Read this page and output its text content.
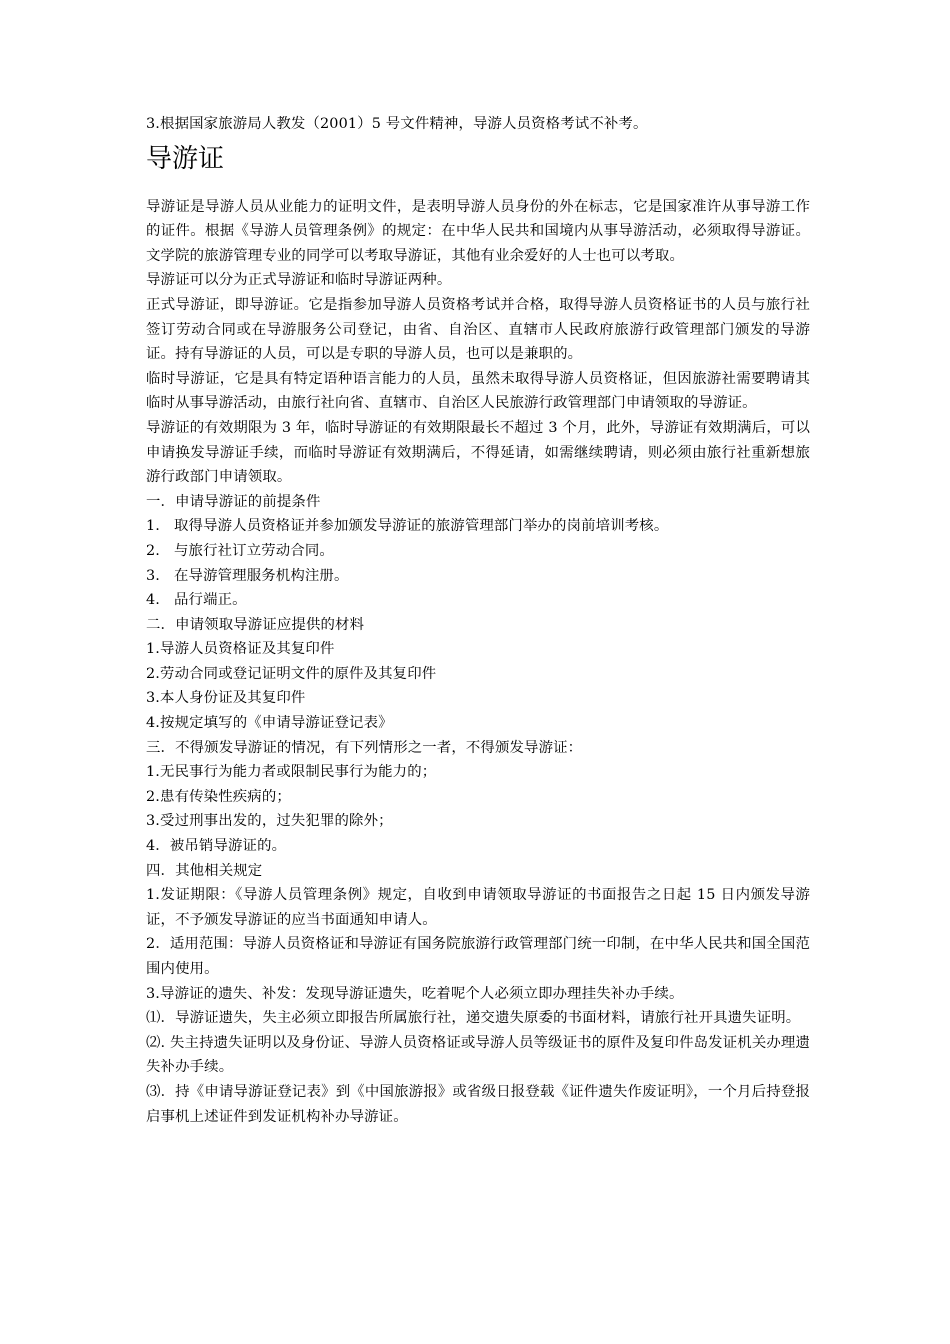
3.根据国家旅游局人教发（2001）5 号文件精神，导游人员资格考试不补考。

导游证

导游证是导游人员从业能力的证明文件，是表明导游人员身份的外在标志，它是国家准许从事导游工作的证件。根据《导游人员管理条例》的规定：在中华人民共和国境内从事导游活动，必须取得导游证。文学院的旅游管理专业的同学可以考取导游证，其他有业余爱好的人士也可以考取。

导游证可以分为正式导游证和临时导游证两种。

正式导游证，即导游证。它是指参加导游人员资格考试并合格，取得导游人员资格证书的人员与旅行社签订劳动合同或在导游服务公司登记，由省、自治区、直辖市人民政府旅游行政管理部门颁发的导游证。持有导游证的人员，可以是专职的导游人员，也可以是兼职的。

临时导游证，它是具有特定语种语言能力的人员，虽然未取得导游人员资格证，但因旅游社需要聘请其临时从事导游活动，由旅行社向省、直辖市、自治区人民旅游行政管理部门申请领取的导游证。

导游证的有效期限为 3 年，临时导游证的有效期限最长不超过 3 个月，此外，导游证有效期满后，可以申请换发导游证手续，而临时导游证有效期满后，不得延请，如需继续聘请，则必须由旅行社重新想旅游行政部门申请领取。

一．申请导游证的前提条件

1. 取得导游人员资格证并参加颁发导游证的旅游管理部门举办的岗前培训考核。
2. 与旅行社订立劳动合同。
3. 在导游管理服务机构注册。
4. 品行端正。

二．申请领取导游证应提供的材料

1.导游人员资格证及其复印件

2.劳动合同或登记证明文件的原件及其复印件

3.本人身份证及其复印件

4.按规定填写的《申请导游证登记表》

三．不得颁发导游证的情况，有下列情形之一者，不得颁发导游证：

1.无民事行为能力者或限制民事行为能力的；

2.患有传染性疾病的；

3.受过刑事出发的，过失犯罪的除外；

4．被吊销导游证的。

四．其他相关规定

1.发证期限：《导游人员管理条例》规定，自收到申请领取导游证的书面报告之日起 15 日内颁发导游证，不予颁发导游证的应当书面通知申请人。

2．适用范围：导游人员资格证和导游证有国务院旅游行政管理部门统一印制，在中华人民共和国全国范围内使用。

3.导游证的遗失、补发：发现导游证遗失，吃着呢个人必须立即办理挂失补办手续。

⑴．导游证遗失，失主必须立即报告所属旅行社，递交遗失原委的书面材料，请旅行社开具遗失证明。

⑵. 失主持遗失证明以及身份证、导游人员资格证或导游人员等级证书的原件及复印件岛发证机关办理遗失补办手续。

⑶．持《申请导游证登记表》到《中国旅游报》或省级日报登载《证件遗失作废证明》，一个月后持登报启事机上述证件到发证机构补办导游证。
